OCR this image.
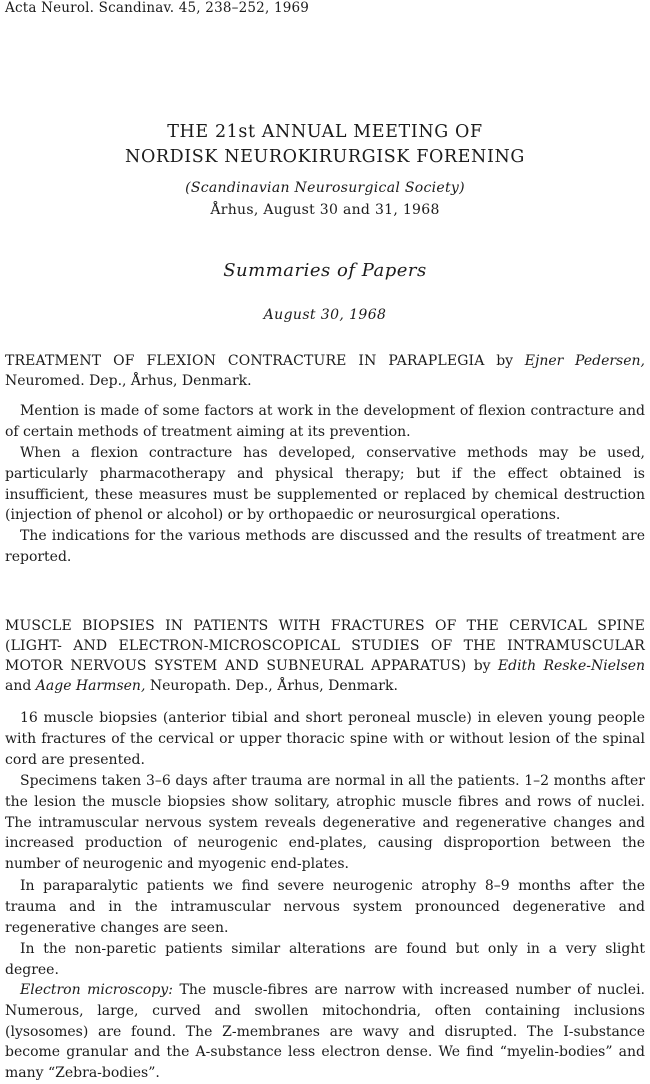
Acta Neurol. Scandinav. 45, 238–252, 1969
THE 21st ANNUAL MEETING OF
NORDISK NEUROKIRURGISK FORENING
(Scandinavian Neurosurgical Society)
Århus, August 30 and 31, 1968
Summaries of Papers
August 30, 1968
TREATMENT OF FLEXION CONTRACTURE IN PARAPLEGIA by Ejner Pedersen, Neuromed. Dep., Århus, Denmark.

Mention is made of some factors at work in the development of flexion contracture and of certain methods of treatment aiming at its prevention.

When a flexion contracture has developed, conservative methods may be used, particularly pharmacotherapy and physical therapy; but if the effect obtained is insufficient, these measures must be supplemented or replaced by chemical destruction (injection of phenol or alcohol) or by orthopaedic or neurosurgical operations.

The indications for the various methods are discussed and the results of treatment are reported.

MUSCLE BIOPSIES IN PATIENTS WITH FRACTURES OF THE CERVICAL SPINE (LIGHT- AND ELECTRON-MICROSCOPICAL STUDIES OF THE INTRAMUSCULAR MOTOR NERVOUS SYSTEM AND SUBNEURAL APPARATUS) by Edith Reske-Nielsen and Aage Harmsen, Neuropath. Dep., Århus, Denmark.

16 muscle biopsies (anterior tibial and short peroneal muscle) in eleven young people with fractures of the cervical or upper thoracic spine with or without lesion of the spinal cord are presented.

Specimens taken 3–6 days after trauma are normal in all the patients. 1–2 months after the lesion the muscle biopsies show solitary, atrophic muscle fibres and rows of nuclei. The intramuscular nervous system reveals degenerative and regenerative changes and increased production of neurogenic end-plates, causing disproportion between the number of neurogenic and myogenic end-plates.

In paraparalytic patients we find severe neurogenic atrophy 8–9 months after the trauma and in the intramuscular nervous system pronounced degenerative and regenerative changes are seen.

In the non-paretic patients similar alterations are found but only in a very slight degree.

Electron microscopy: The muscle-fibres are narrow with increased number of nuclei. Numerous, large, curved and swollen mitochondria, often containing inclusions (lysosomes) are found. The Z-membranes are wavy and disrupted. The I-substance become granular and the A-substance less electron dense. We find “myelin-bodies” and many “Zebra-bodies”.
